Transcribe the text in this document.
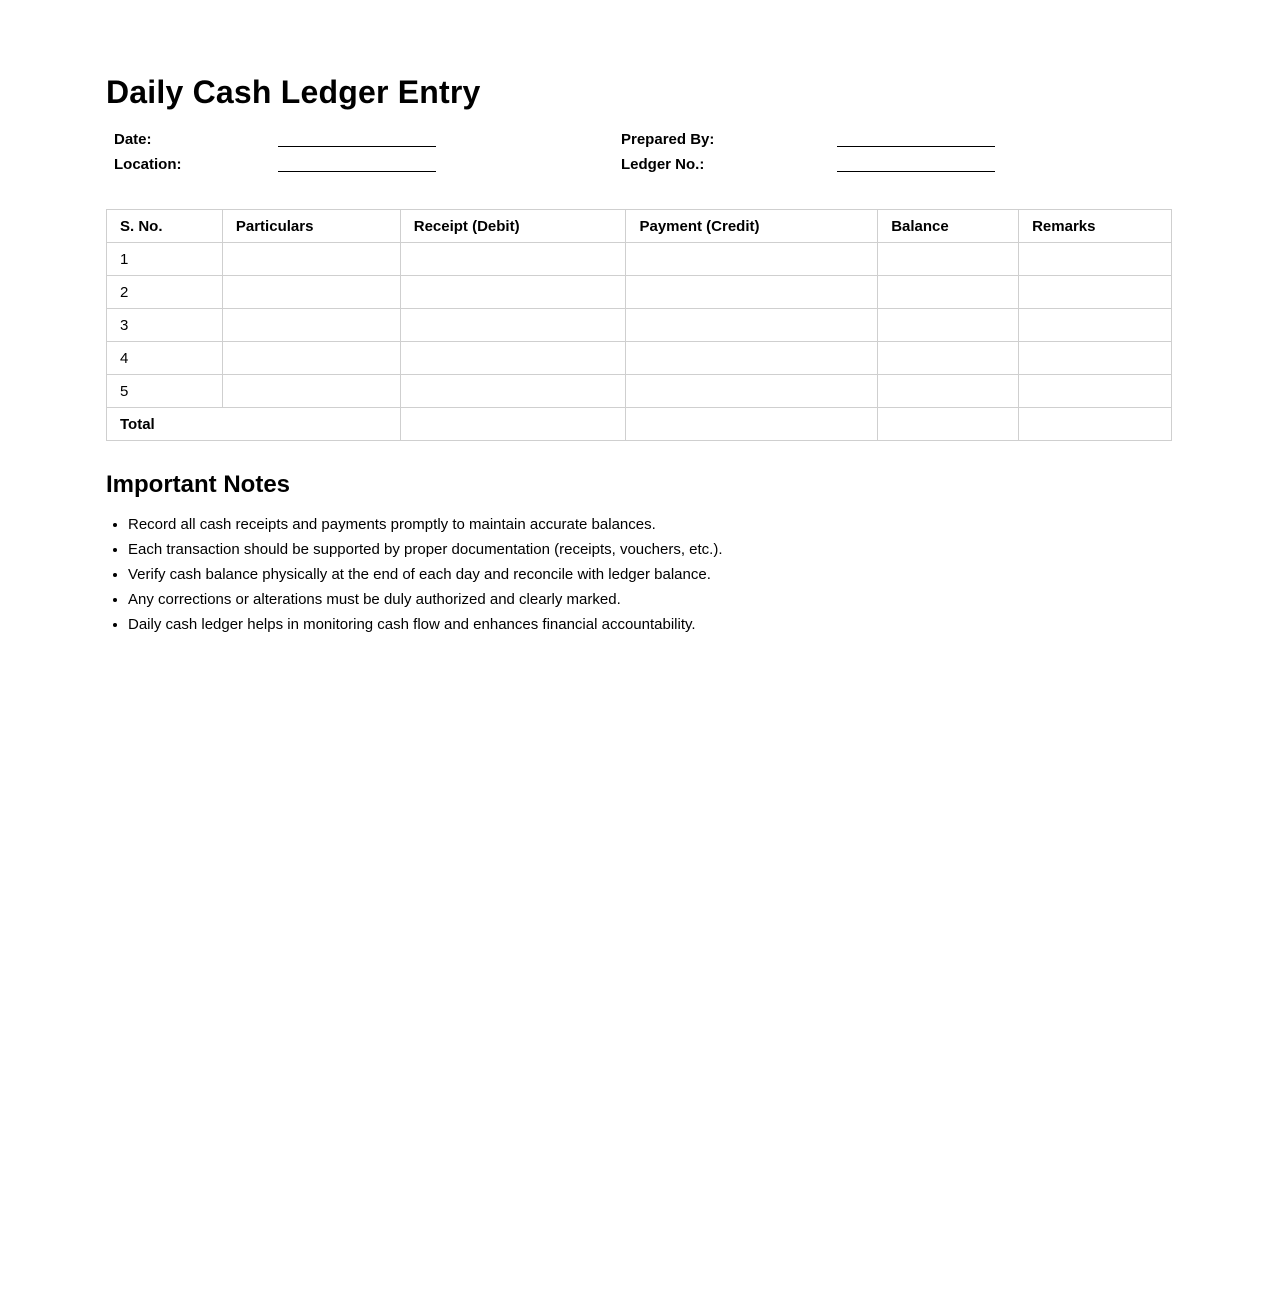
Daily Cash Ledger Entry
Date:	Prepared By:
Location:	Ledger No.:
S. No.	Particulars	Receipt (Debit)	Payment (Credit)	Balance	Remarks
1					
2					
3					
4					
5					
Total					
Important Notes
• Record all cash receipts and payments promptly to maintain accurate balances.
• Each transaction should be supported by proper documentation (receipts, vouchers, etc.).
• Verify cash balance physically at the end of each day and reconcile with ledger balance.
• Any corrections or alterations must be duly authorized and clearly marked.
• Daily cash ledger helps in monitoring cash flow and enhances financial accountability.
